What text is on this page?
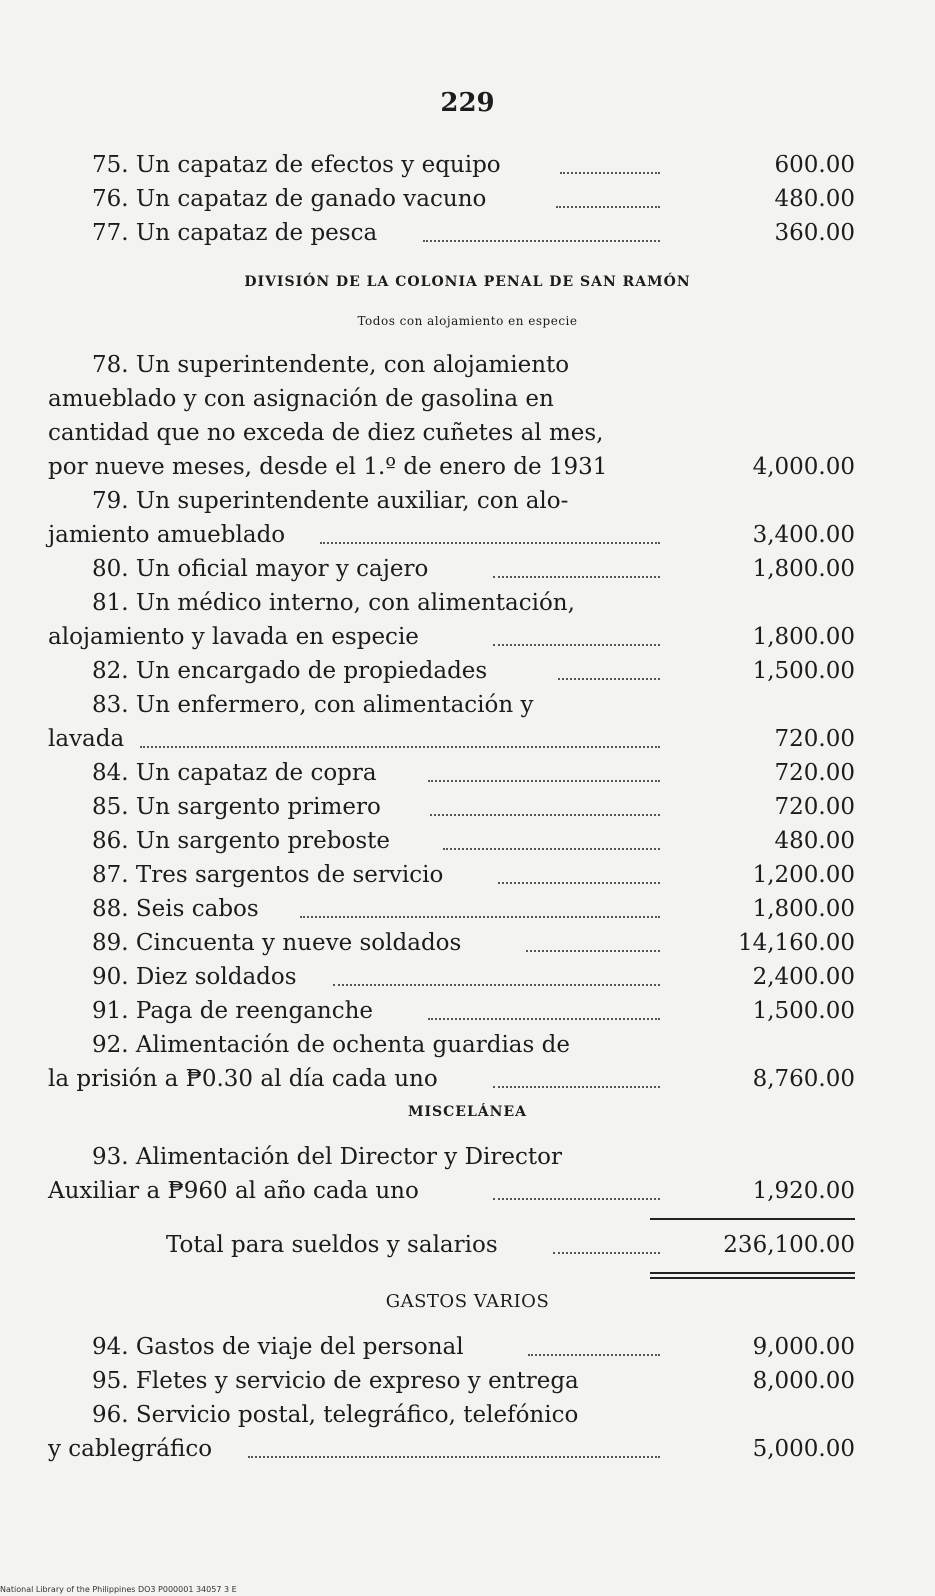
229
75. Un capataz de efectos y equipo	600.00
76. Un capataz de ganado vacuno	480.00
77. Un capataz de pesca	360.00
DIVISIÓN DE LA COLONIA PENAL DE SAN RAMÓN
Todos con alojamiento en especie
78. Un superintendente, con alojamiento
amueblado y con asignación de gasolina en
cantidad que no exceda de diez cuñetes al mes,
por nueve meses, desde el 1.º de enero de 1931	4,000.00
79. Un superintendente auxiliar, con alo-
jamiento amueblado	3,400.00
80. Un oficial mayor y cajero	1,800.00
81. Un médico interno, con alimentación,
alojamiento y lavada en especie	1,800.00
82. Un encargado de propiedades	1,500.00
83. Un enfermero, con alimentación y
lavada	720.00
84. Un capataz de copra	720.00
85. Un sargento primero	720.00
86. Un sargento preboste	480.00
87. Tres sargentos de servicio	1,200.00
88. Seis cabos	1,800.00
89. Cincuenta y nueve soldados	14,160.00
90. Diez soldados	2,400.00
91. Paga de reenganche	1,500.00
92. Alimentación de ochenta guardias de
la prisión a ₱0.30 al día cada uno	8,760.00
MISCELÁNEA
93. Alimentación del Director y Director
Auxiliar a ₱960 al año cada uno	1,920.00
Total para sueldos y salarios	236,100.00
GASTOS VARIOS
94. Gastos de viaje del personal	9,000.00
95. Fletes y servicio de expreso y entrega	8,000.00
96. Servicio postal, telegráfico, telefónico
y cablegráfico	5,000.00
National Library of the Philippines DO3 P000001 34057 3 E
